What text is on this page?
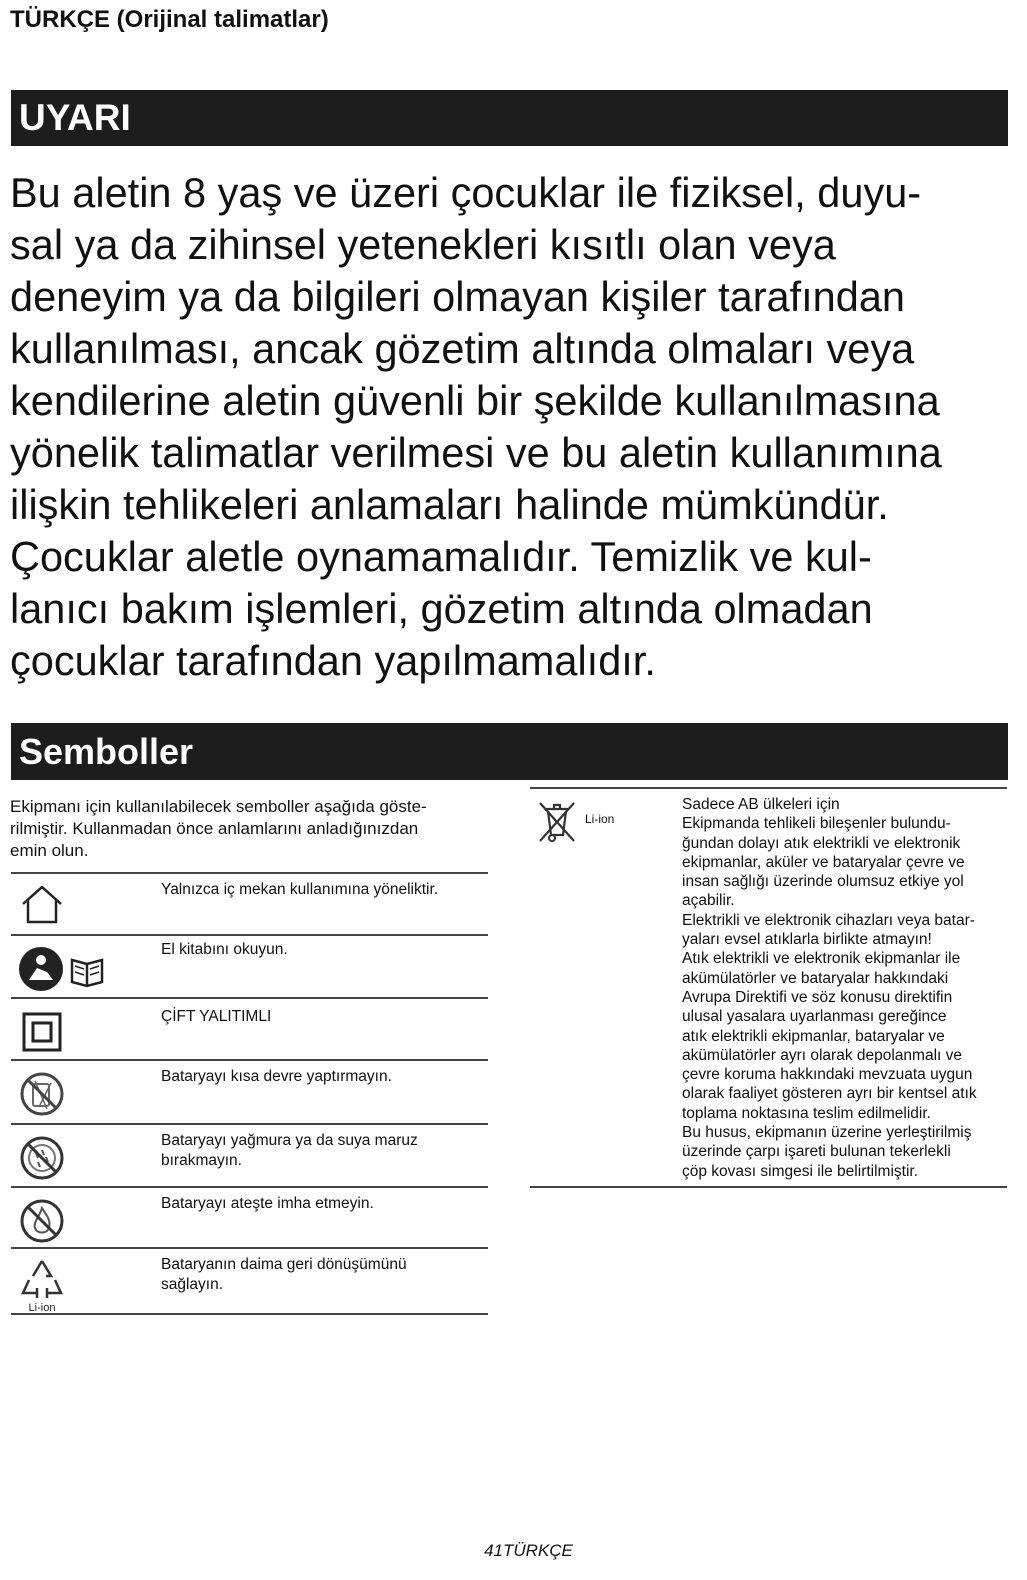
TÜRKÇE (Orijinal talimatlar)
UYARI

Bu aletin 8 yaş ve üzeri çocuklar ile fiziksel, duyu-
sal ya da zihinsel yetenekleri kısıtlı olan veya
deneyim ya da bilgileri olmayan kişiler tarafından
kullanılması, ancak gözetim altında olmaları veya
kendilerine aletin güvenli bir şekilde kullanılmasına
yönelik talimatlar verilmesi ve bu aletin kullanımına
ilişkin tehlikeleri anlamaları halinde mümkündür.
Çocuklar aletle oynamamalıdır. Temizlik ve kul-
lanıcı bakım işlemleri, gözetim altında olmadan
çocuklar tarafından yapılmamalıdır.

Semboller

Ekipmanı için kullanılabilecek semboller aşağıda göste-
rilmiştir. Kullanmadan önce anlamlarını anladığınızdan
emin olun.

Yalnızca iç mekan kullanımına yöneliktir.
El kitabını okuyun.
ÇİFT YALITIMLI
Bataryayı kısa devre yaptırmayın.
Bataryayı yağmura ya da suya maruz
bırakmayın.
Bataryayı ateşte imha etmeyin.
Li-ion
Bataryanın daima geri dönüşümünü
sağlayın.
Li-ion

Sadece AB ülkeleri için
Ekipmanda tehlikeli bileşenler bulundu-
ğundan dolayı atık elektrikli ve elektronik
ekipmanlar, aküler ve bataryalar çevre ve
insan sağlığı üzerinde olumsuz etkiye yol
açabilir.
Elektrikli ve elektronik cihazları veya batar-
yaları evsel atıklarla birlikte atmayın!
Atık elektrikli ve elektronik ekipmanlar ile
akümülatörler ve bataryalar hakkındaki
Avrupa Direktifi ve söz konusu direktifin
ulusal yasalara uyarlanması gereğince
atık elektrikli ekipmanlar, bataryalar ve
akümülatörler ayrı olarak depolanmalı ve
çevre koruma hakkındaki mevzuata uygun
olarak faaliyet gösteren ayrı bir kentsel atık
toplama noktasına teslim edilmelidir.
Bu husus, ekipmanın üzerine yerleştirilmiş
üzerinde çarpı işareti bulunan tekerlekli
çöp kovası simgesi ile belirtilmiştir.

41TÜRKÇE
